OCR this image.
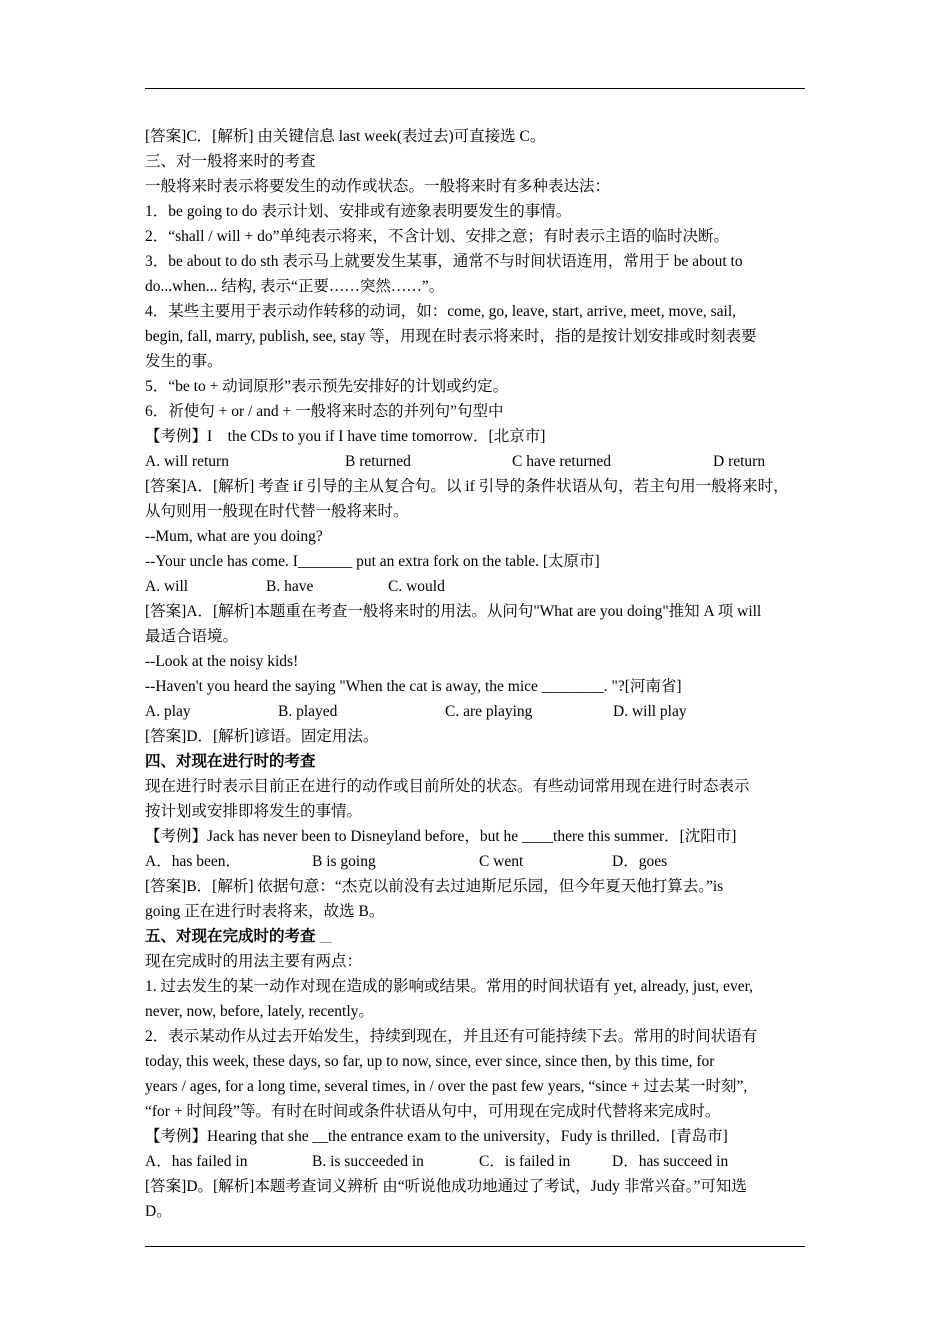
[答案]C．[解析] 由关键信息 last week(表过去)可直接选 C。
三、对一般将来时的考查
一般将来时表示将要发生的动作或状态。一般将来时有多种表达法：
1．be going to do 表示计划、安排或有迹象表明要发生的事情。
2．“shall / will + do”单纯表示将来，不含计划、安排之意；有时表示主语的临时决断。
3．be about to do sth 表示马上就要发生某事，通常不与时间状语连用，常用于 be about to
do...when... 结构, 表示“正要……突然……”。
4．某些主要用于表示动作转移的动词，如：come, go, leave, start, arrive, meet, move, sail,
begin, fall, marry, publish, see, stay 等，用现在时表示将来时，指的是按计划安排或时刻表要
发生的事。
5．“be to + 动词原形”表示预先安排好的计划或约定。
6．祈使句 + or / and + 一般将来时态的并列句”句型中
【考例】I　the CDs to you if I have time tomorrow．[北京市]
A. will return	B returned	C have returned	D return
[答案]A．[解析] 考查 if 引导的主从复合句。以 if 引导的条件状语从句，若主句用一般将来时，
从句则用一般现在时代替一般将来时。
--Mum, what are you doing?
--Your uncle has come. I_______ put an extra fork on the table. [太原市]
A. will	B. have	C. would
[答案]A．[解析]本题重在考查一般将来时的用法。从问句"What are you doing"推知 A 项 will
最适合语境。
--Look at the noisy kids!
--Haven't you heard the saying "When the cat is away, the mice ________. "?[河南省]
A. play	B. played	C. are playing	D. will play
[答案]D．[解析]谚语。固定用法。
四、对现在进行时的考查
现在进行时表示目前正在进行的动作或目前所处的状态。有些动词常用现在进行时态表示
按计划或安排即将发生的事情。
【考例】Jack has never been to Disneyland before，but he ____there this summer．[沈阳市]
A．has been．	B is going	C went	D．goes
[答案]B．[解析] 依据句意：“杰克以前没有去过迪斯尼乐园，但今年夏天他打算去。”is
going 正在进行时表将来，故选 B。
五、对现在完成时的考查
现在完成时的用法主要有两点：
1. 过去发生的某一动作对现在造成的影响或结果。常用的时间状语有 yet, already, just, ever,
never, now, before, lately, recently。
2．表示某动作从过去开始发生，持续到现在，并且还有可能持续下去。常用的时间状语有
today, this week, these days, so far, up to now, since, ever since, since then, by this time, for
years / ages, for a long time, several times, in / over the past few years, “since + 过去某一时刻”,
“for + 时间段”等。有时在时间或条件状语从句中，可用现在完成时代替将来完成时。
【考例】Hearing that she __the entrance exam to the university，Fudy is thrilled．[青岛市]
A．has failed in	B. is succeeded in	C．is failed in	D．has succeed in
[答案]D。[解析]本题考查词义辨析 由“听说他成功地通过了考试，Judy 非常兴奋。”可知选
D。
